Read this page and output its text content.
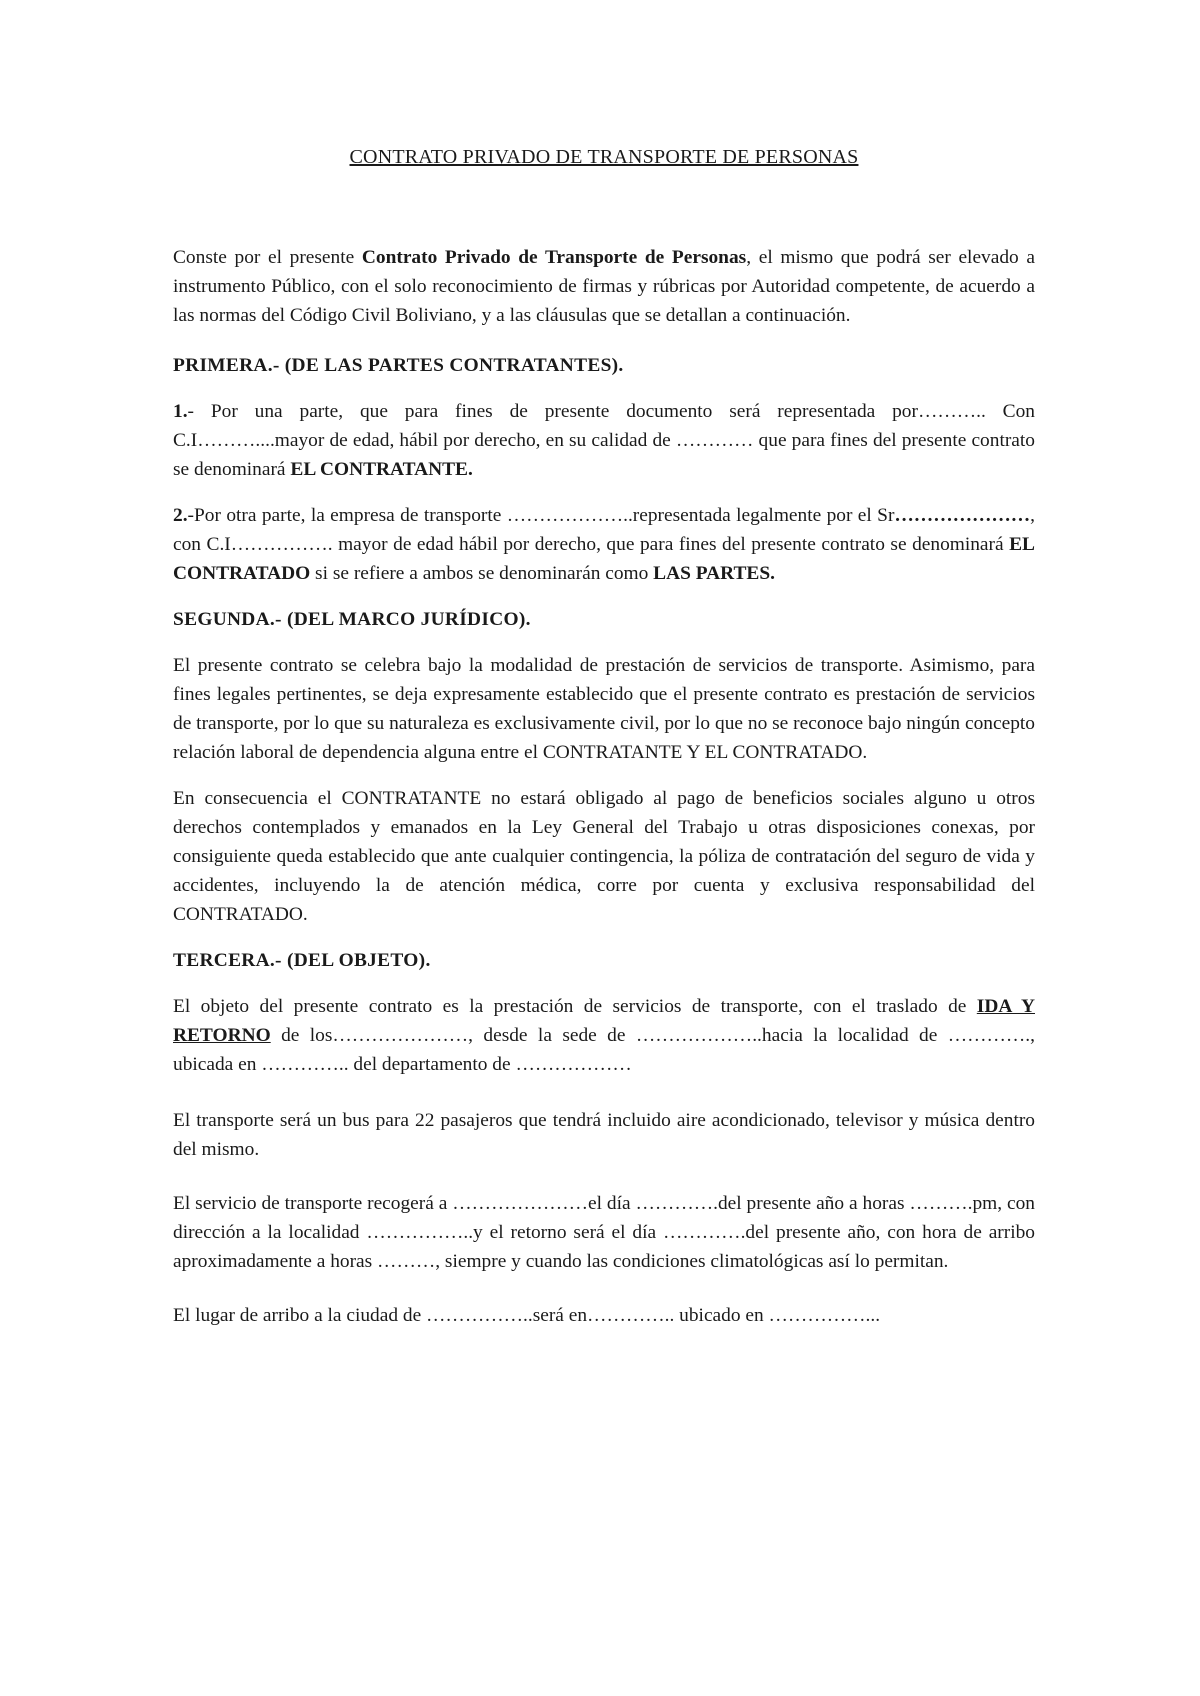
CONTRATO PRIVADO DE TRANSPORTE DE PERSONAS

Conste por el presente Contrato Privado de Transporte de Personas, el mismo que podrá ser elevado a instrumento Público, con el solo reconocimiento de firmas y rúbricas por Autoridad competente, de acuerdo a las normas del Código Civil Boliviano, y a las cláusulas que se detallan a continuación.

PRIMERA.- (DE LAS PARTES CONTRATANTES).

1.- Por una parte, que para fines de presente documento será representada por……….. Con C.I………....mayor de edad, hábil por derecho, en su calidad de ………… que para fines del presente contrato se denominará EL CONTRATANTE.

2.-Por otra parte, la empresa de transporte ………………..representada legalmente por el Sr…………………, con C.I……………. mayor de edad hábil por derecho, que para fines del presente contrato se denominará EL CONTRATADO si se refiere a ambos se denominarán como LAS PARTES.

SEGUNDA.- (DEL MARCO JURÍDICO).

El presente contrato se celebra bajo la modalidad de prestación de servicios de transporte. Asimismo, para fines legales pertinentes, se deja expresamente establecido que el presente contrato es prestación de servicios de transporte, por lo que su naturaleza es exclusivamente civil, por lo que no se reconoce bajo ningún concepto relación laboral de dependencia alguna entre el CONTRATANTE Y EL CONTRATADO.

En consecuencia el CONTRATANTE no estará obligado al pago de beneficios sociales alguno u otros derechos contemplados y emanados en la Ley General del Trabajo u otras disposiciones conexas, por consiguiente queda establecido que ante cualquier contingencia, la póliza de contratación del seguro de vida y accidentes, incluyendo la de atención médica, corre por cuenta y exclusiva responsabilidad del CONTRATADO.

TERCERA.- (DEL OBJETO).

El objeto del presente contrato es la prestación de servicios de transporte, con el traslado de IDA Y RETORNO de los…………………, desde la sede de ………………..hacia la localidad de …………., ubicada en ………….. del departamento de ………………

El transporte será un bus para 22 pasajeros que tendrá incluido aire acondicionado, televisor y música dentro del mismo.

El servicio de transporte recogerá a …………………el día ………….del presente año a horas ……….pm, con dirección a la localidad ……………..y el retorno será el día ………….del presente año, con hora de arribo aproximadamente a horas ………, siempre y cuando las condiciones climatológicas así lo permitan.

El lugar de arribo a la ciudad de ……………..será en………….. ubicado en ……………...
